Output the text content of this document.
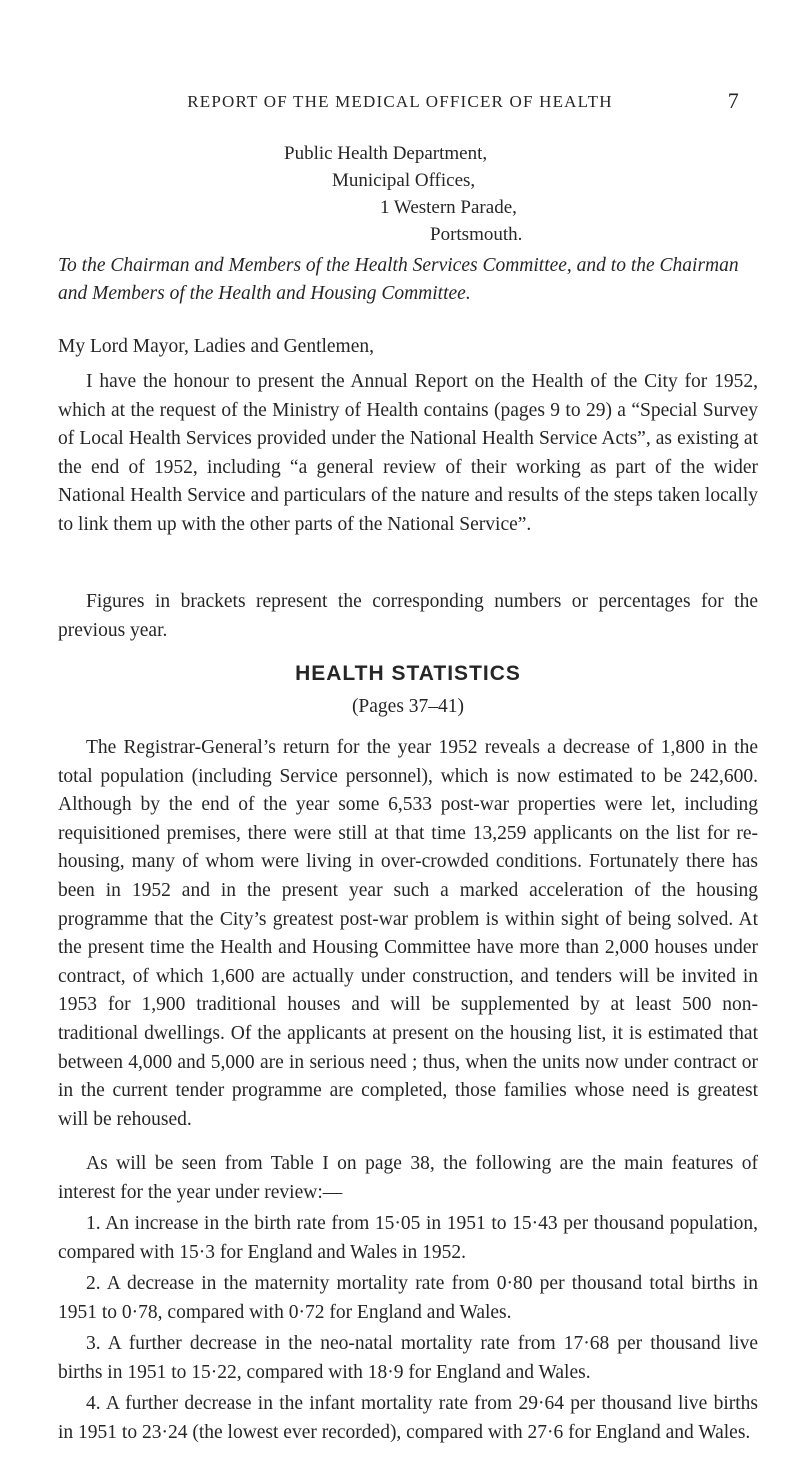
REPORT OF THE MEDICAL OFFICER OF HEALTH	7
Public Health Department,
Municipal Offices,
1 Western Parade,
Portsmouth.
To the Chairman and Members of the Health Services Committee, and to the Chairman and Members of the Health and Housing Committee.
My Lord Mayor, Ladies and Gentlemen,
I have the honour to present the Annual Report on the Health of the City for 1952, which at the request of the Ministry of Health contains (pages 9 to 29) a “Special Survey of Local Health Services provided under the National Health Service Acts”, as existing at the end of 1952, including “a general review of their working as part of the wider National Health Service and particulars of the nature and results of the steps taken locally to link them up with the other parts of the National Service”.
Figures in brackets represent the corresponding numbers or percentages for the previous year.
HEALTH STATISTICS
(Pages 37–41)
The Registrar-General’s return for the year 1952 reveals a decrease of 1,800 in the total population (including Service personnel), which is now estimated to be 242,600. Although by the end of the year some 6,533 post-war properties were let, including requisitioned premises, there were still at that time 13,259 applicants on the list for re-housing, many of whom were living in over-crowded conditions. Fortunately there has been in 1952 and in the present year such a marked acceleration of the housing programme that the City’s greatest post-war problem is within sight of being solved. At the present time the Health and Housing Committee have more than 2,000 houses under contract, of which 1,600 are actually under construction, and tenders will be invited in 1953 for 1,900 traditional houses and will be supplemented by at least 500 non-traditional dwellings. Of the applicants at present on the housing list, it is estimated that between 4,000 and 5,000 are in serious need ; thus, when the units now under contract or in the current tender programme are completed, those families whose need is greatest will be rehoused.
As will be seen from Table I on page 38, the following are the main features of interest for the year under review:—
1. An increase in the birth rate from 15·05 in 1951 to 15·43 per thousand population, compared with 15·3 for England and Wales in 1952.
2. A decrease in the maternity mortality rate from 0·80 per thousand total births in 1951 to 0·78, compared with 0·72 for England and Wales.
3. A further decrease in the neo-natal mortality rate from 17·68 per thousand live births in 1951 to 15·22, compared with 18·9 for England and Wales.
4. A further decrease in the infant mortality rate from 29·64 per thousand live births in 1951 to 23·24 (the lowest ever recorded), compared with 27·6 for England and Wales.
